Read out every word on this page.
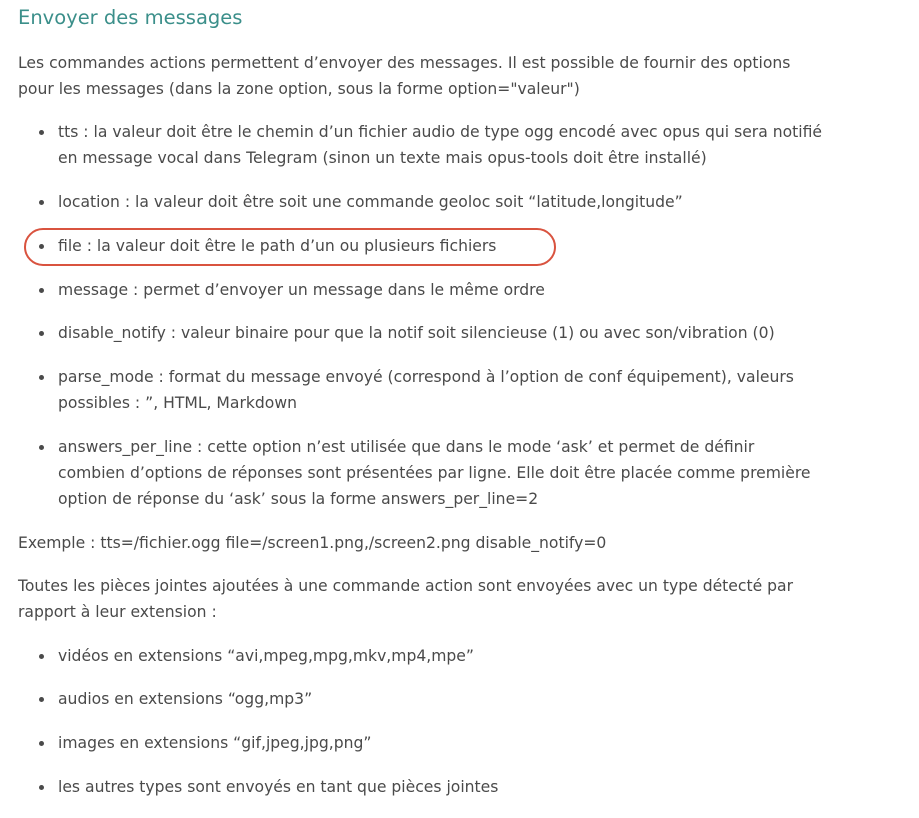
Envoyer des messages

Les commandes actions permettent d’envoyer des messages. Il est possible de fournir des options

pour les messages (dans la zone option, sous la forme option="valeur")

tts : la valeur doit être le chemin d’un fichier audio de type ogg encodé avec opus qui sera notifié
en message vocal dans Telegram (sinon un texte mais opus-tools doit être installé)
location : la valeur doit être soit une commande geoloc soit “latitude,longitude”
file : la valeur doit être le path d’un ou plusieurs fichiers
message : permet d’envoyer un message dans le même ordre
disable_notify : valeur binaire pour que la notif soit silencieuse (1) ou avec son/vibration (0)
parse_mode : format du message envoyé (correspond à l’option de conf équipement), valeurs
possibles : ”, HTML, Markdown
answers_per_line : cette option n’est utilisée que dans le mode ‘ask’ et permet de définir
combien d’options de réponses sont présentées par ligne. Elle doit être placée comme première
option de réponse du ‘ask’ sous la forme answers_per_line=2

Exemple : tts=/fichier.ogg file=/screen1.png,/screen2.png disable_notify=0

Toutes les pièces jointes ajoutées à une commande action sont envoyées avec un type détecté par

rapport à leur extension :

vidéos en extensions “avi,mpeg,mpg,mkv,mp4,mpe”
audios en extensions “ogg,mp3”
images en extensions “gif,jpeg,jpg,png”
les autres types sont envoyés en tant que pièces jointes
